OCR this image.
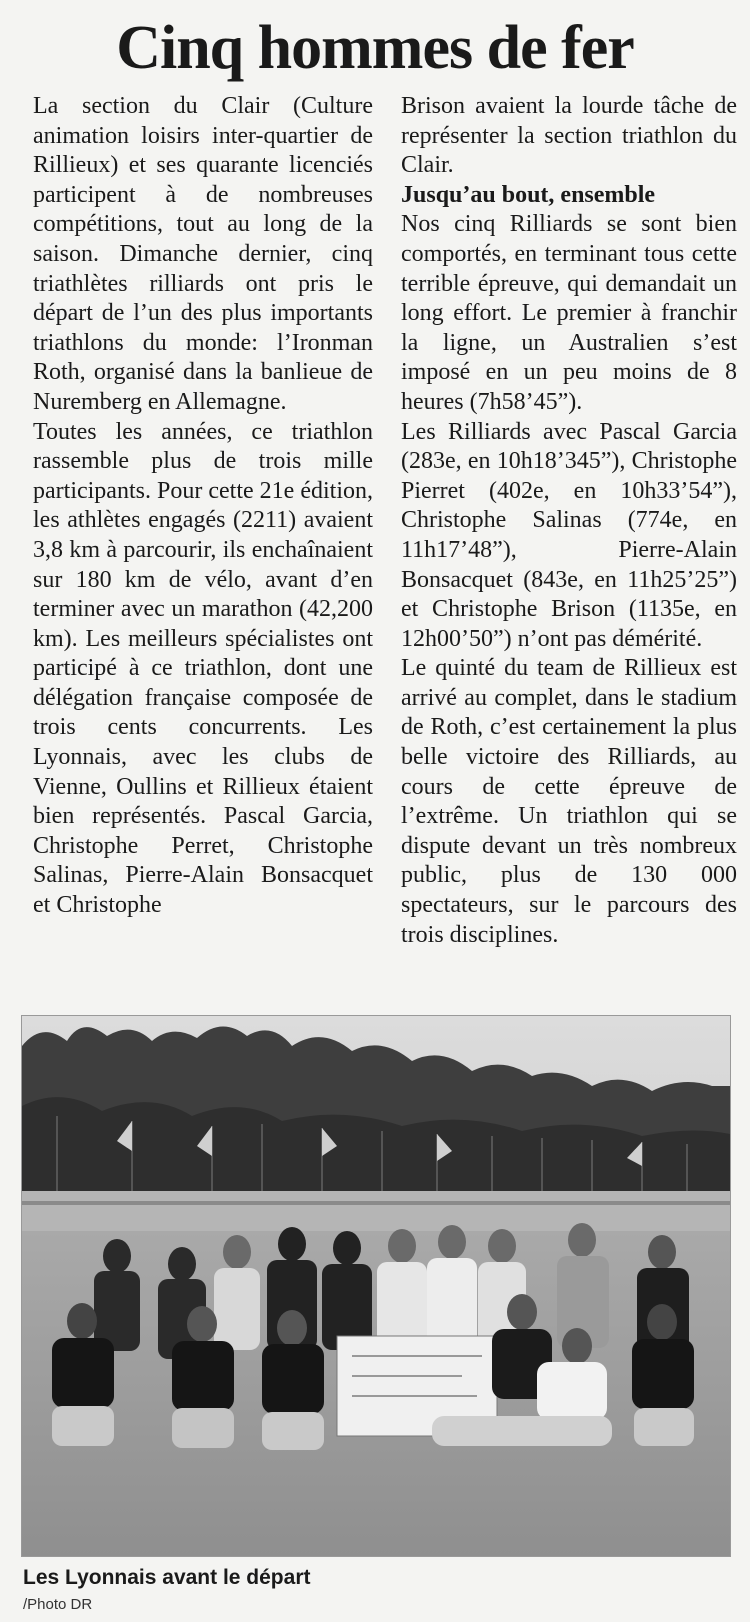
Cinq hommes de fer

La section du Clair (Culture animation loisirs inter-quartier de Rillieux) et ses quarante licenciés participent à de nombreuses compétitions, tout au long de la saison. Dimanche dernier, cinq triathlètes rilliards ont pris le départ de l’un des plus importants triathlons du monde: l’Ironman Roth, organisé dans la banlieue de Nuremberg en Allemagne.

Toutes les années, ce triathlon rassemble plus de trois mille participants. Pour cette 21e édition, les athlètes engagés (2211) avaient 3,8 km à parcourir, ils enchaînaient sur 180 km de vélo, avant d’en terminer avec un marathon (42,200 km). Les meilleurs spécialistes ont participé à ce triathlon, dont une délégation française composée de trois cents concurrents. Les Lyonnais, avec les clubs de Vienne, Oullins et Rillieux étaient bien représentés. Pascal Garcia, Christophe Perret, Christophe Salinas, Pierre-Alain Bonsacquet et Christophe

Brison avaient la lourde tâche de représenter la section triathlon du Clair.

Jusqu’au bout, ensemble

Nos cinq Rilliards se sont bien comportés, en terminant tous cette terrible épreuve, qui demandait un long effort. Le premier à franchir la ligne, un Australien s’est imposé en un peu moins de 8 heures (7h58’45”).

Les Rilliards avec Pascal Garcia (283e, en 10h18’345”), Christophe Pierret (402e, en 10h33’54”), Christophe Salinas (774e, en 11h17’48”), Pierre-Alain Bonsacquet (843e, en 11h25’25”) et Christophe Brison (1135e, en 12h00’50”) n’ont pas démérité.

Le quinté du team de Rillieux est arrivé au complet, dans le stadium de Roth, c’est certainement la plus belle victoire des Rilliards, au cours de cette épreuve de l’extrême. Un triathlon qui se dispute devant un très nombreux public, plus de 130 000 spectateurs, sur le parcours des trois disciplines.

Les Lyonnais avant le départ
/Photo DR
